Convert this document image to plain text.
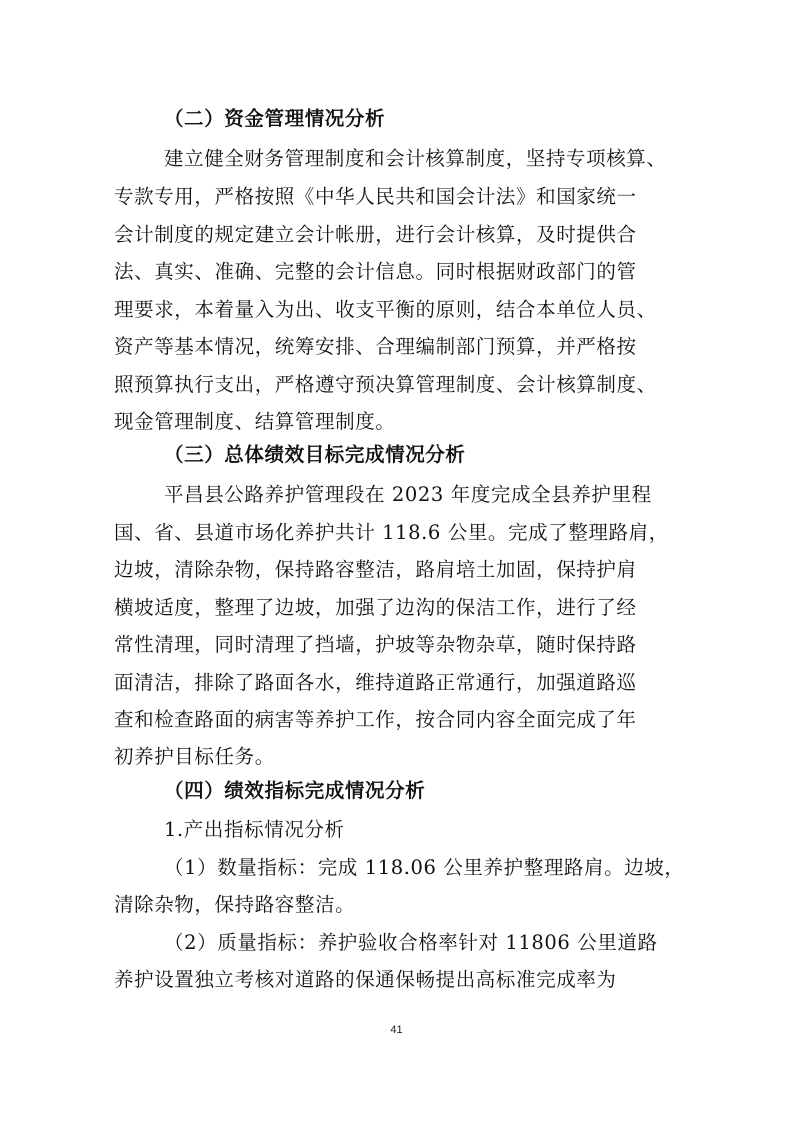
（二）资金管理情况分析
建立健全财务管理制度和会计核算制度，坚持专项核算、
专款专用，严格按照《中华人民共和国会计法》和国家统一
会计制度的规定建立会计帐册，进行会计核算，及时提供合
法、真实、准确、完整的会计信息。同时根据财政部门的管
理要求，本着量入为出、收支平衡的原则，结合本单位人员、
资产等基本情况，统筹安排、合理编制部门预算，并严格按
照预算执行支出，严格遵守预决算管理制度、会计核算制度、
现金管理制度、结算管理制度。
（三）总体绩效目标完成情况分析
平昌县公路养护管理段在 2023 年度完成全县养护里程
国、省、县道市场化养护共计 118.6 公里。完成了整理路肩，
边坡，清除杂物，保持路容整洁，路肩培土加固，保持护肩
横坡适度，整理了边坡，加强了边沟的保洁工作，进行了经
常性清理，同时清理了挡墙，护坡等杂物杂草，随时保持路
面清洁，排除了路面各水，维持道路正常通行，加强道路巡
查和检查路面的病害等养护工作，按合同内容全面完成了年
初养护目标任务。
（四）绩效指标完成情况分析
1.产出指标情况分析
（1）数量指标：完成 118.06 公里养护整理路肩。边坡，
清除杂物，保持路容整洁。
（2）质量指标：养护验收合格率针对 11806 公里道路
养护设置独立考核对道路的保通保畅提出高标准完成率为
41
